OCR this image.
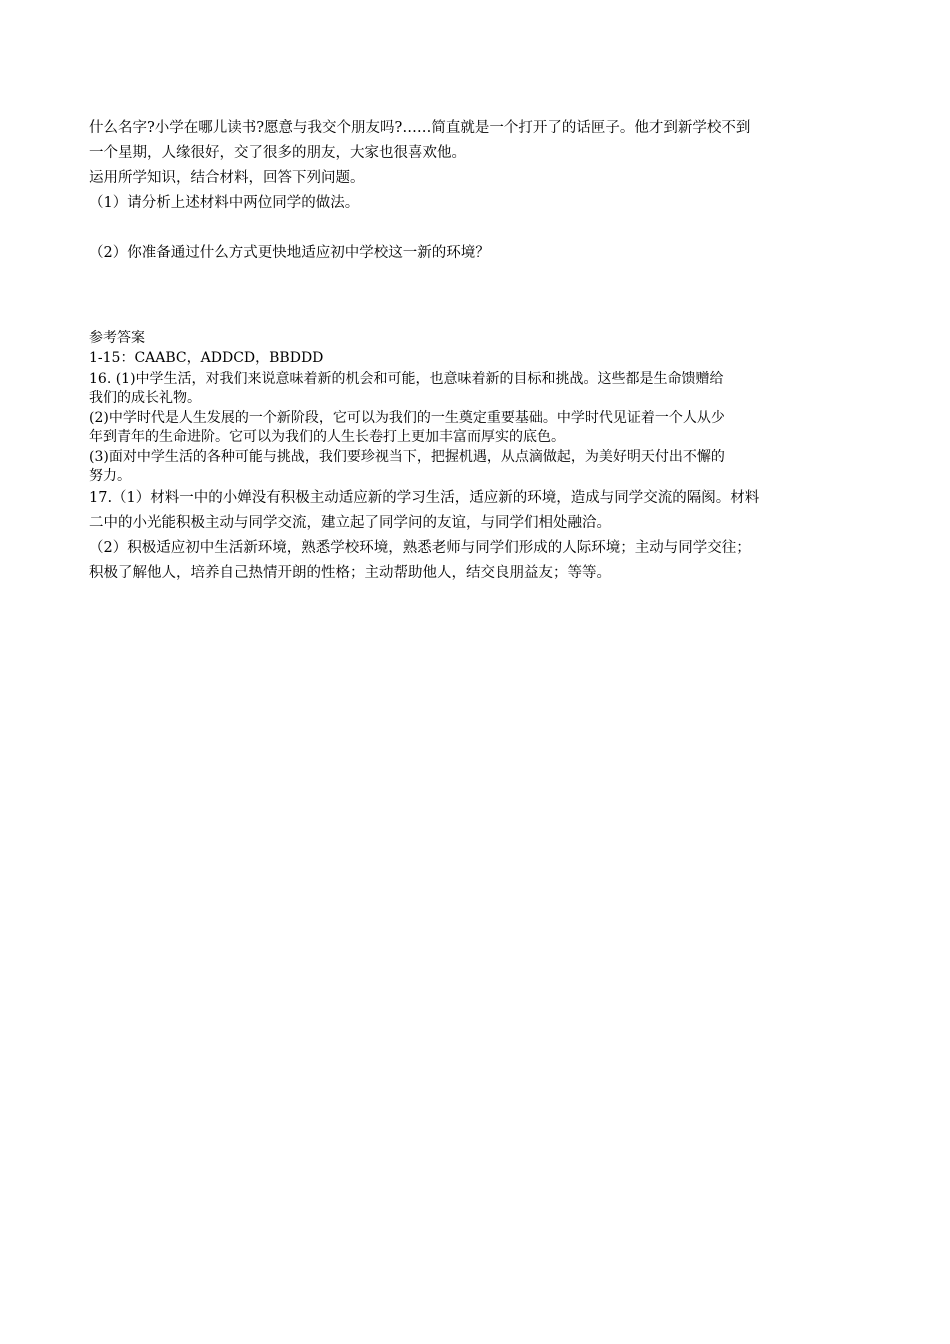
什么名字?小学在哪儿读书?愿意与我交个朋友吗?……简直就是一个打开了的话匣子。他才到新学校不到
一个星期，人缘很好，交了很多的朋友，大家也很喜欢他。
运用所学知识，结合材料，回答下列问题。
（1）请分析上述材料中两位同学的做法。
（2）你准备通过什么方式更快地适应初中学校这一新的环境？
参考答案
1-15：CAABC，ADDCD，BBDDD
16. (1)中学生活，对我们来说意味着新的机会和可能，也意味着新的目标和挑战。这些都是生命馈赠给
我们的成长礼物。
(2)中学时代是人生发展的一个新阶段，它可以为我们的一生奠定重要基础。中学时代见证着一个人从少
年到青年的生命进阶。它可以为我们的人生长卷打上更加丰富而厚实的底色。
(3)面对中学生活的各种可能与挑战，我们要珍视当下，把握机遇，从点滴做起，为美好明天付出不懈的
努力。
17.（1）材料一中的小婵没有积极主动适应新的学习生活，适应新的环境，造成与同学交流的隔阂。材料
二中的小光能积极主动与同学交流，建立起了同学问的友谊，与同学们相处融洽。
（2）积极适应初中生活新环境，熟悉学校环境，熟悉老师与同学们形成的人际环境；主动与同学交往；
积极了解他人，培养自己热情开朗的性格；主动帮助他人，结交良朋益友；等等。
